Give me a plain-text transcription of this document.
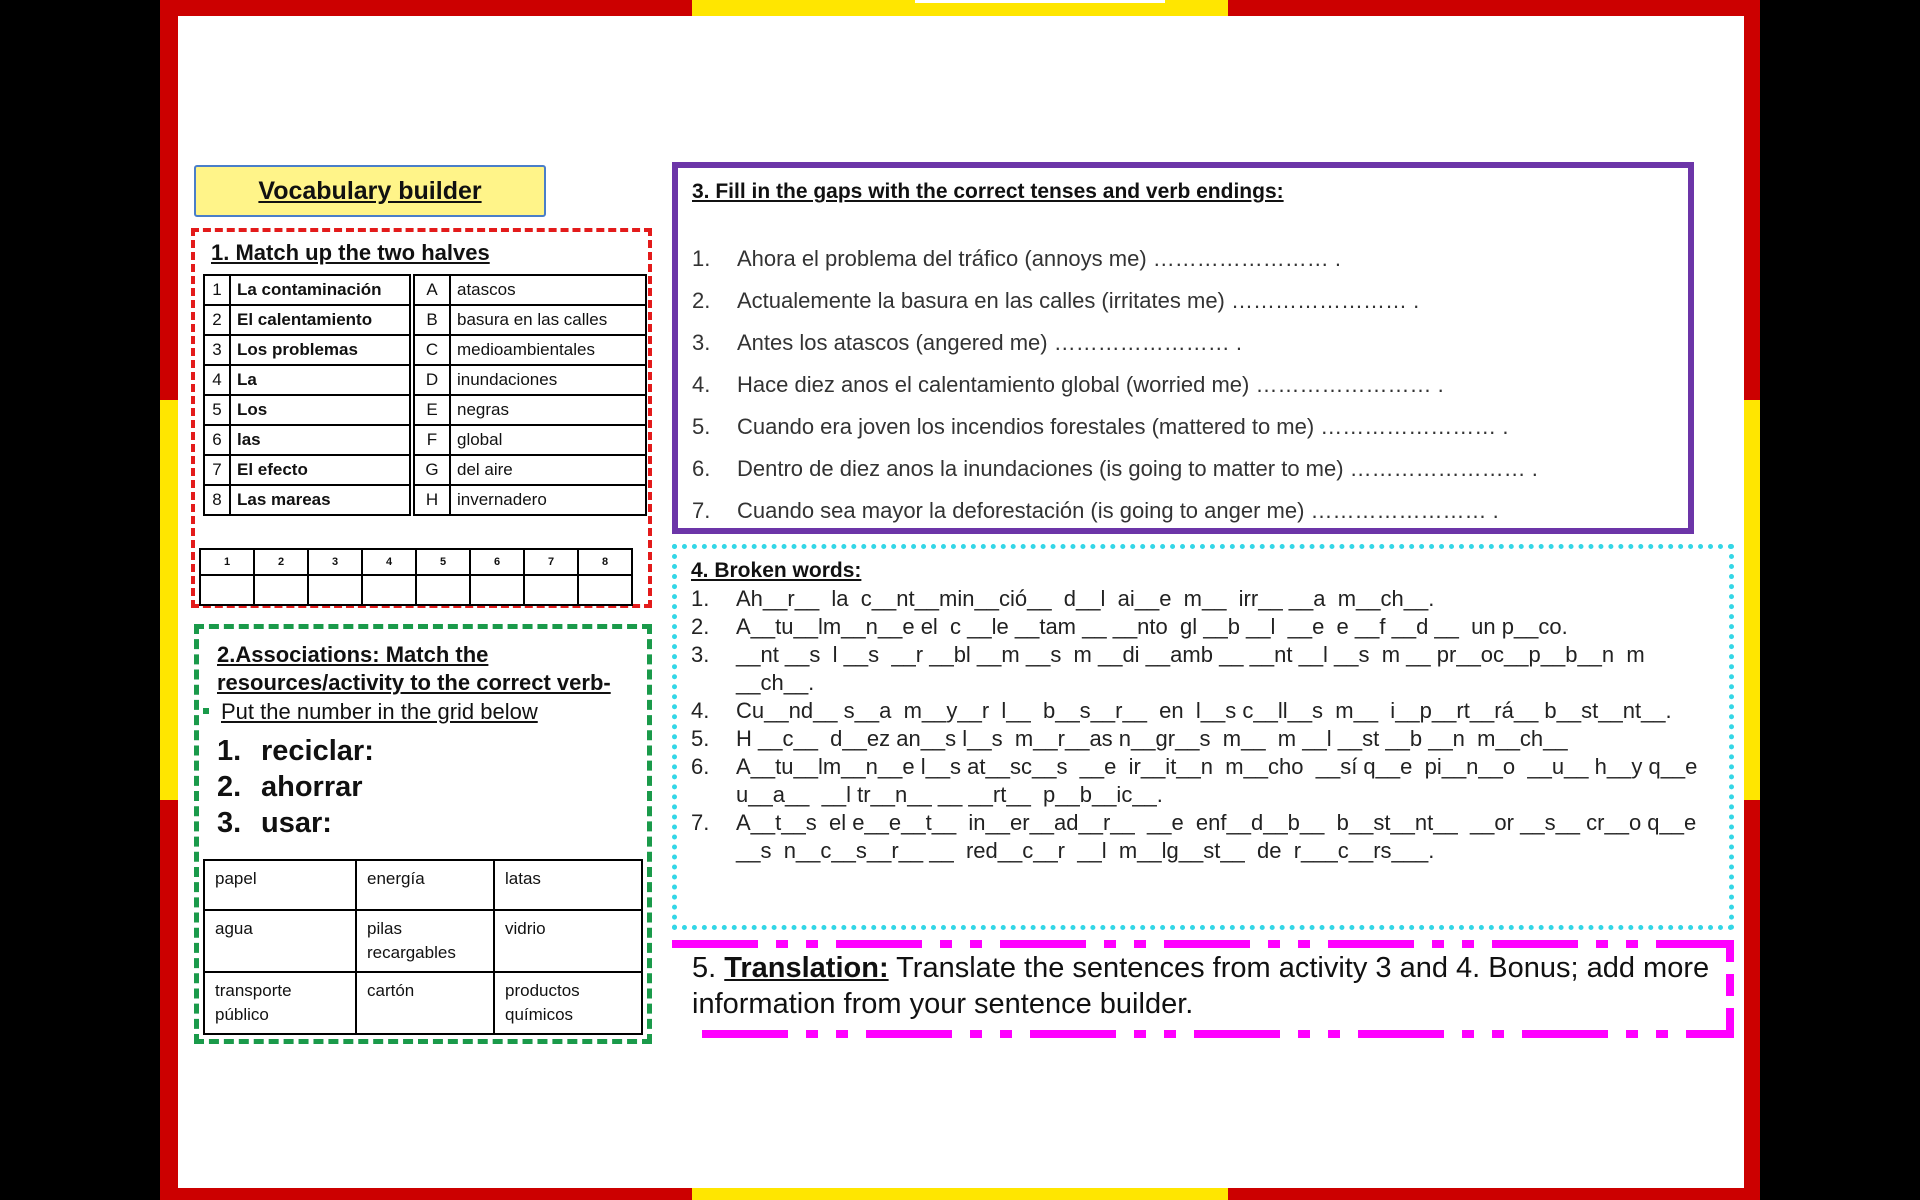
Vocabulary builder
1. Match up the two halves
1	La contaminación		A	atascos
2	El calentamiento		B	basura en las calles
3	Los problemas		C	medioambientales
4	La		D	inundaciones
5	Los		E	negras
6	las		F	global
7	El efecto		G	del aire
8	Las mareas		H	invernadero
1	2	3	4	5	6	7	8

2.Associations: Match the resources/activity to the correct verb-
Put the number in the grid below
1. reciclar:
2. ahorrar
3. usar:
papel	energía	latas
agua	pilas recargables	vidrio
transporte público	cartón	productos químicos
3. Fill in the gaps with the correct tenses and verb endings:
1. Ahora el problema del tráfico (annoys me) …………………… .
2. Actualemente la basura en las calles (irritates me) …………………… .
3. Antes los atascos (angered me) …………………… .
4. Hace diez anos el calentamiento global (worried me) …………………… .
5. Cuando era joven los incendios forestales (mattered to me) …………………… .
6. Dentro de diez anos la inundaciones (is going to matter to me) …………………… .
7. Cuando sea mayor la deforestación (is going to anger me) …………………… .
4. Broken words:
1.	Ah__r__  la  c__nt__min__ció__  d__l  ai__e  m__  irr__ __a  m__ch__.
2.	A__tu__lm__n__e el  c __le __tam __ __nto  gl __b __l  __e  e __f __d __  un p__co.
3.	__nt __s  l __s  __r __bl __m __s  m __di __amb __ __nt __l __s  m __ pr__oc__p__b__n  m __ch__.
4.	Cu__nd__ s__a  m__y__r  l__  b__s__r__  en  l__s c__ll__s  m__  i__p__rt__rá__ b__st__nt__.
5.	H __c__  d__ez an__s l__s  m__r__as n__gr__s  m__  m __l __st __b __n  m__ch__
6.	A__tu__lm__n__e l__s at__sc__s  __e  ir__it__n  m__cho  __sí q__e  pi__n__o  __u__ h__y q__e u__a__  __l tr__n__ __ __rt__  p__b__ic__.
7.	A__t__s  el e__e__t__  in__er__ad__r__  __e  enf__d__b__  b__st__nt__  __or __s__ cr__o q__e  __s  n__c__s__r__ __  red__c__r  __l  m__lg__st__  de  r___c__rs___.

5. Translation: Translate the sentences from activity 3 and 4. Bonus; add more information from your sentence builder.
